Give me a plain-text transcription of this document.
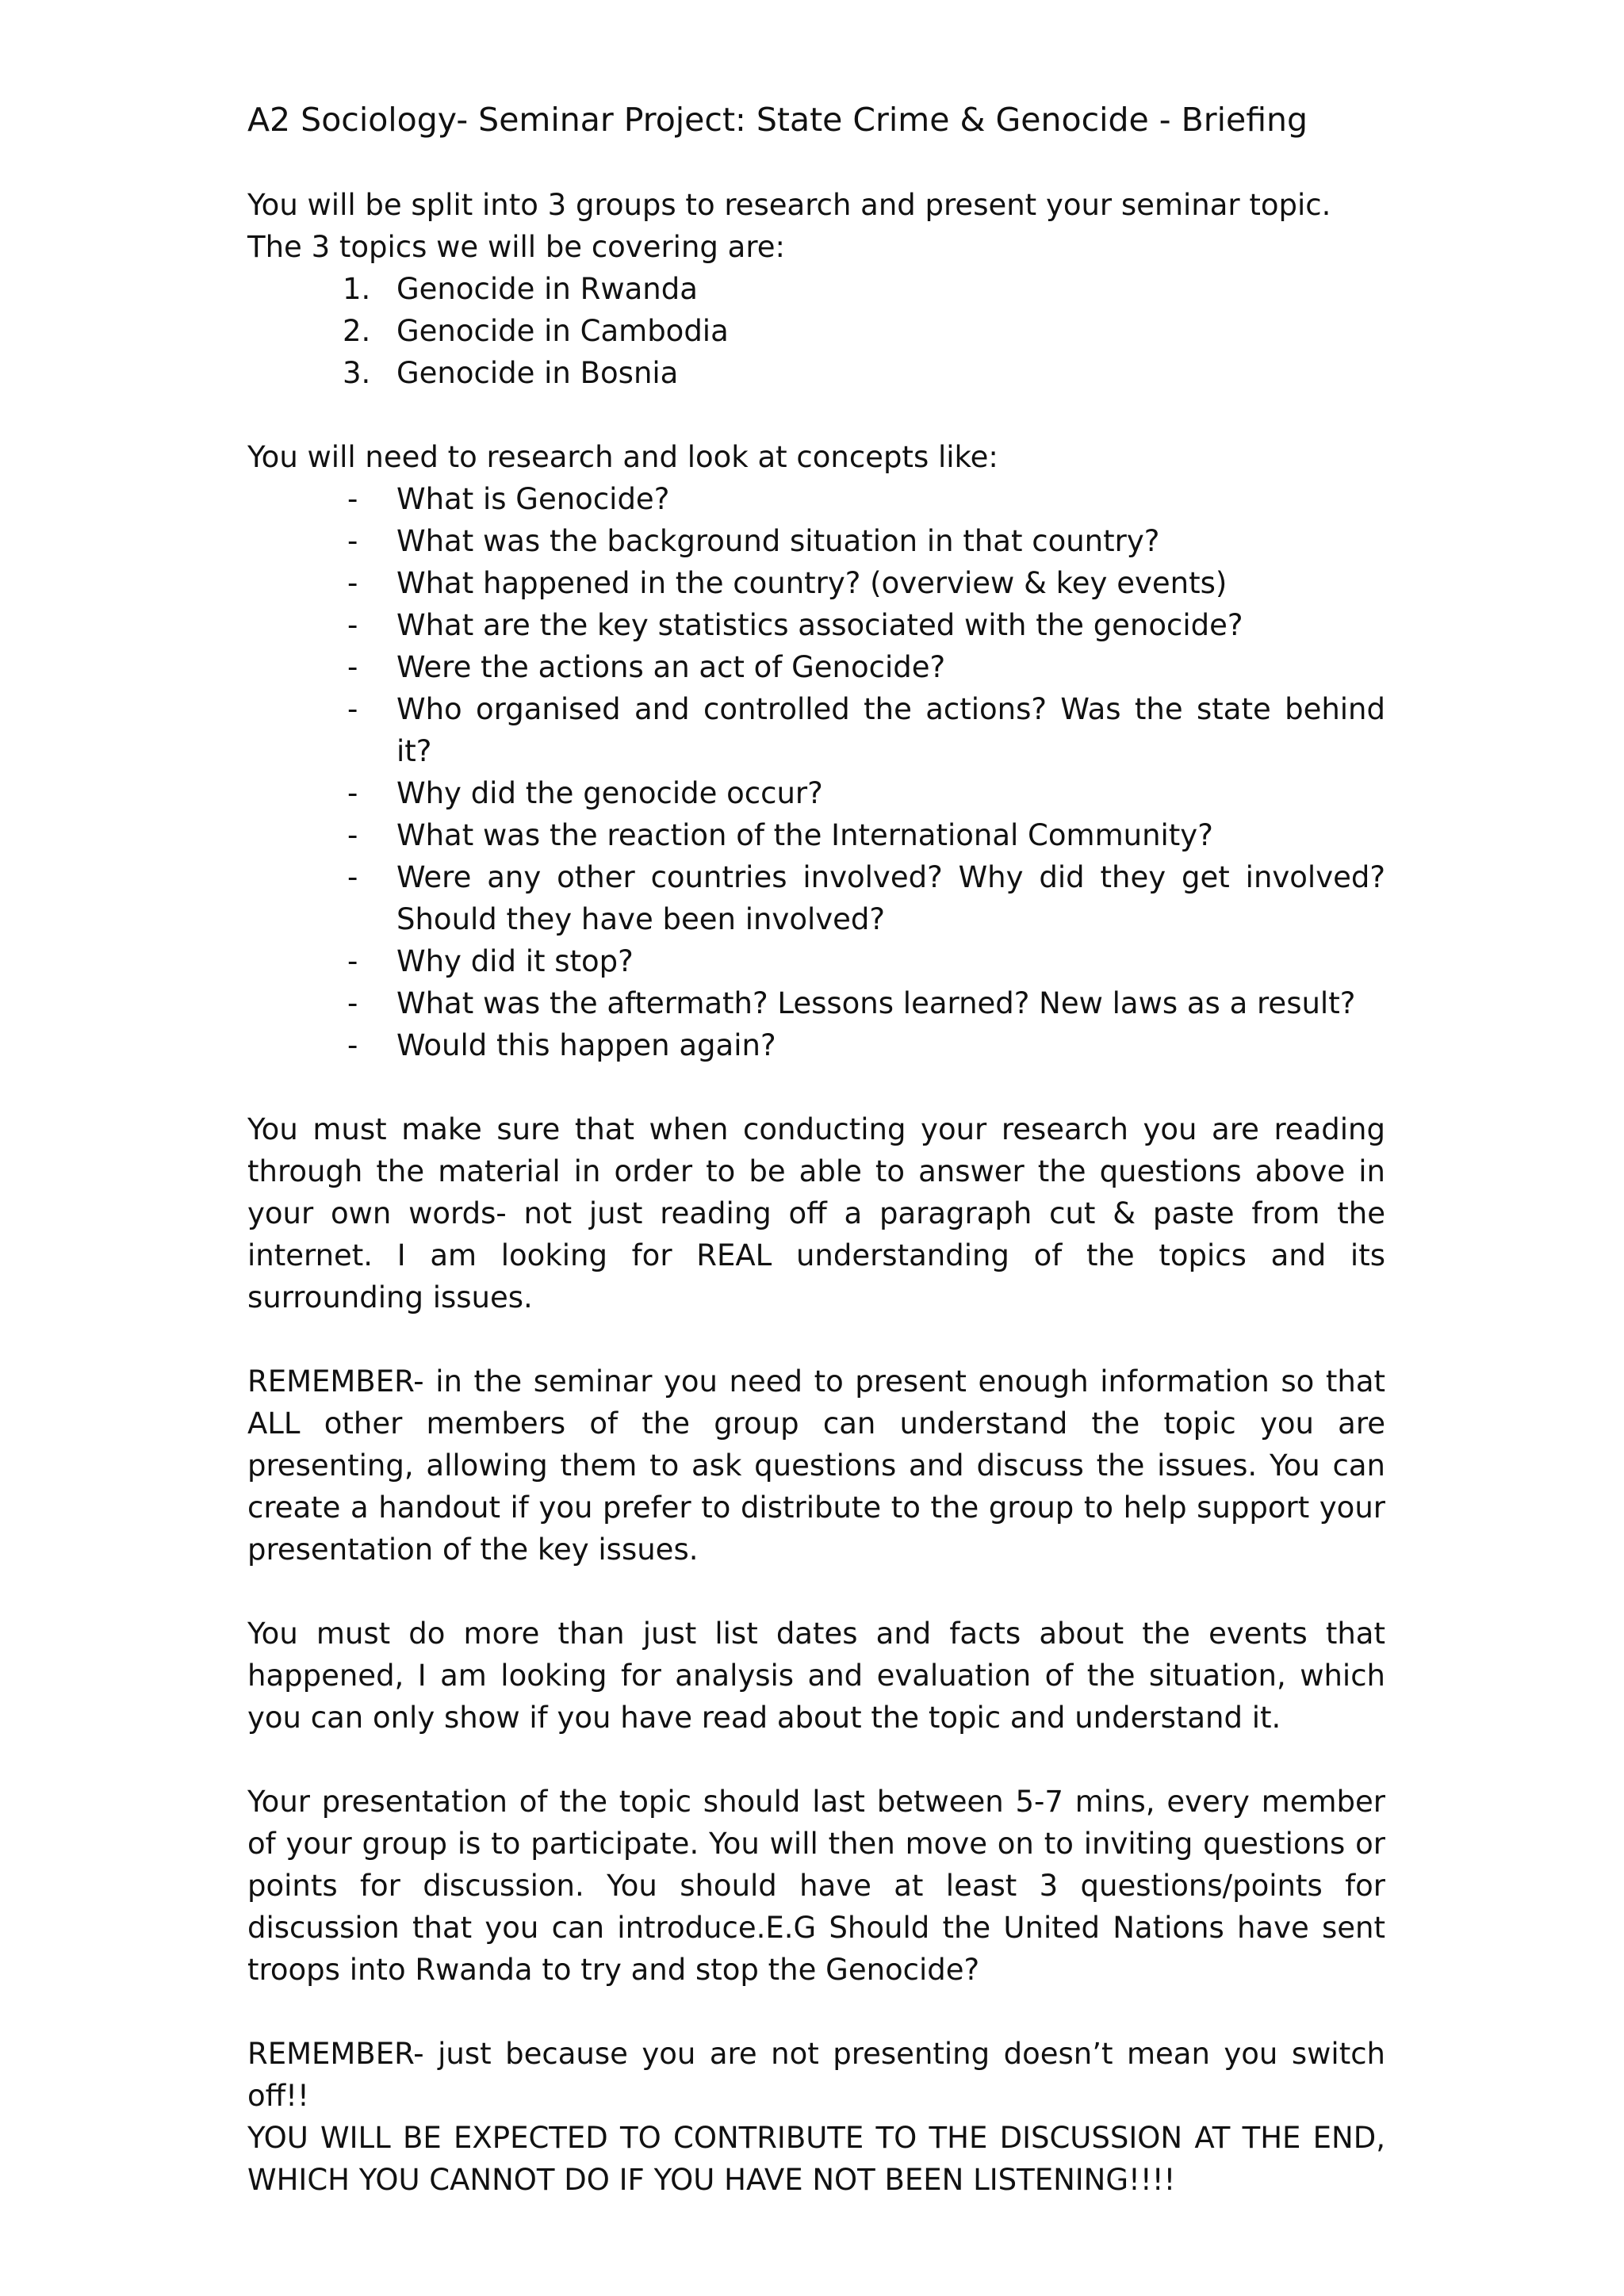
A2 Sociology- Seminar Project: State Crime & Genocide - Briefing

You will be split into 3 groups to research and present your seminar topic.

The 3 topics we will be covering are:

1. Genocide in Rwanda
2. Genocide in Cambodia
3. Genocide in Bosnia

You will need to research and look at concepts like:

- What is Genocide?
- What was the background situation in that country?
- What happened in the country? (overview & key events)
- What are the key statistics associated with the genocide?
- Were the actions an act of Genocide?
- Who organised and controlled the actions? Was the state behind it?
- Why did the genocide occur?
- What was the reaction of the International Community?
- Were any other countries involved? Why did they get involved? Should they have been involved?
- Why did it stop?
- What was the aftermath? Lessons learned? New laws as a result?
- Would this happen again?

You must make sure that when conducting your research you are reading through the material in order to be able to answer the questions above in your own words- not just reading off a paragraph cut & paste from the internet. I am looking for REAL understanding of the topics and its surrounding issues.

REMEMBER- in the seminar you need to present enough information so that ALL other members of the group can understand the topic you are presenting, allowing them to ask questions and discuss the issues. You can create a handout if you prefer to distribute to the group to help support your presentation of the key issues.

You must do more than just list dates and facts about the events that happened, I am looking for analysis and evaluation of the situation, which you can only show if you have read about the topic and understand it.

Your presentation of the topic should last between 5-7 mins, every member of your group is to participate. You will then move on to inviting questions or points for discussion. You should have at least 3 questions/points for discussion that you can introduce.E.G Should the United Nations have sent troops into Rwanda to try and stop the Genocide?

REMEMBER- just because you are not presenting doesn’t mean you switch off!!

YOU WILL BE EXPECTED TO CONTRIBUTE TO THE DISCUSSION AT THE END, WHICH YOU CANNOT DO IF YOU HAVE NOT BEEN LISTENING!!!!
